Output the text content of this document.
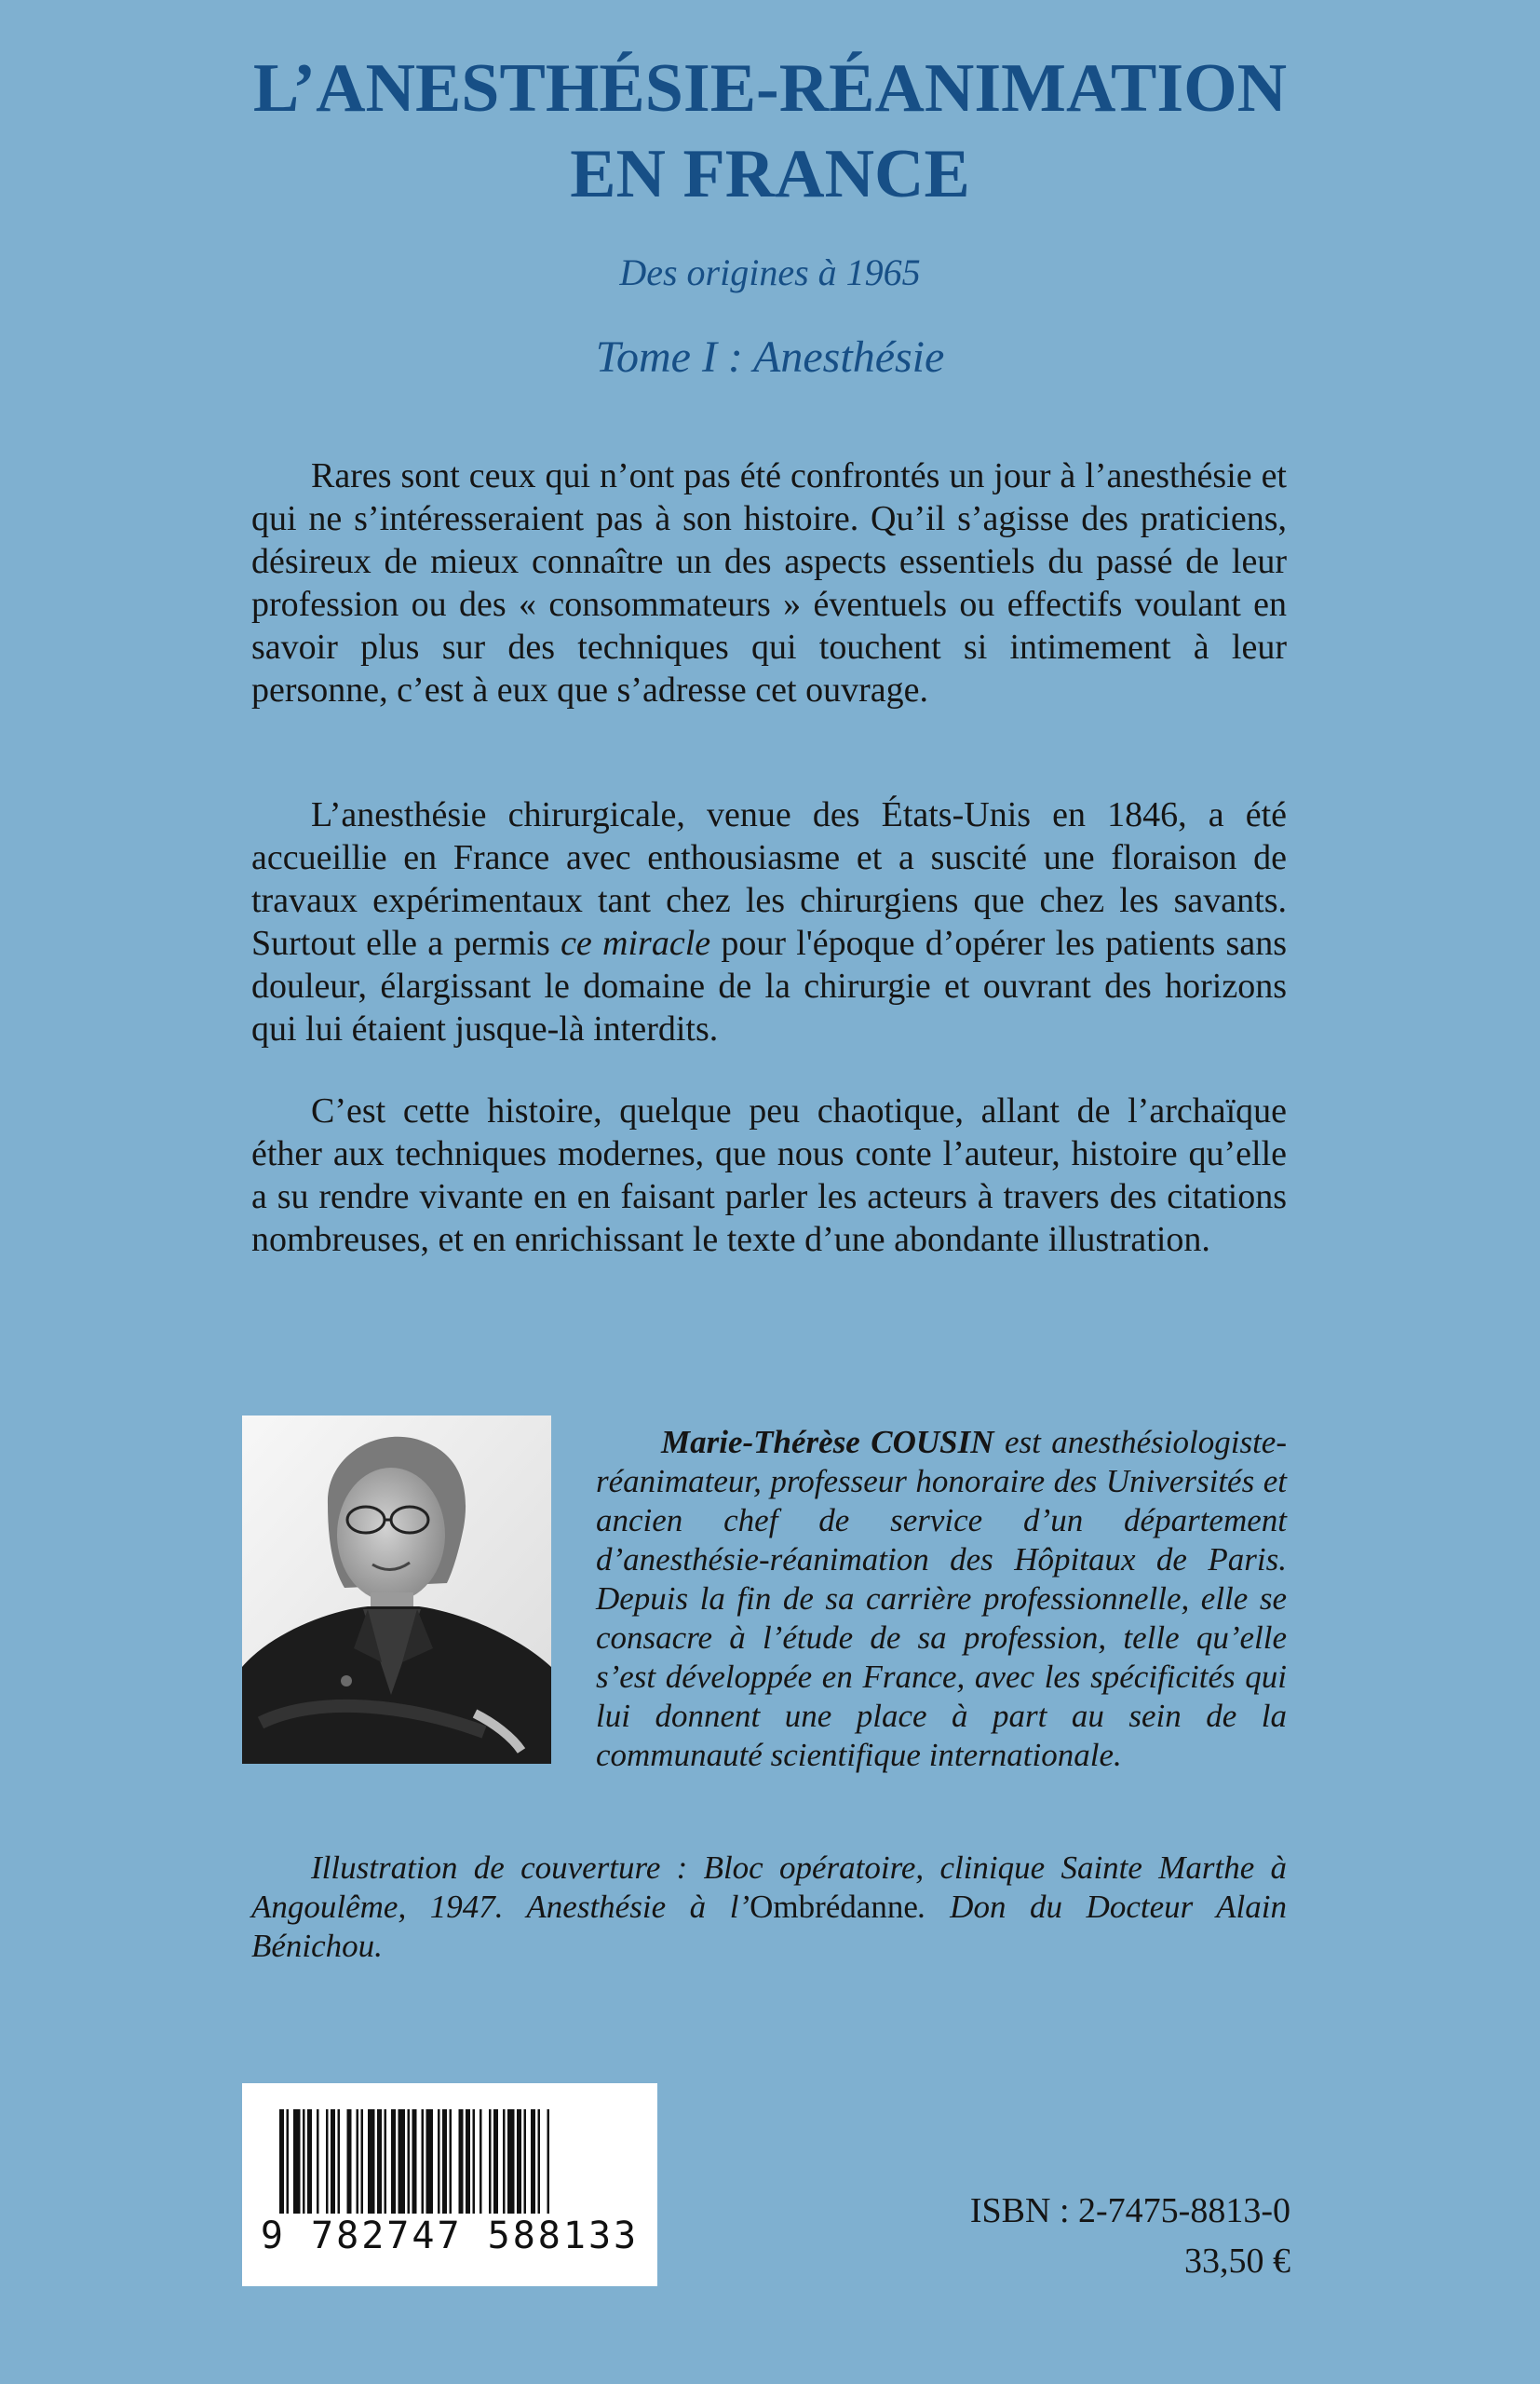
L’ANESTHÉSIE-RÉANIMATION
EN FRANCE
Des origines à 1965
Tome I : Anesthésie

Rares sont ceux qui n’ont pas été confrontés un jour à l’anesthésie et qui ne s’intéresseraient pas à son histoire. Qu’il s’agisse des praticiens, désireux de mieux connaître un des aspects essentiels du passé de leur profession ou des « consommateurs » éventuels ou effectifs voulant en savoir plus sur des techniques qui touchent si intimement à leur personne, c’est à eux que s’adresse cet ouvrage.

L’anesthésie chirurgicale, venue des États-Unis en 1846, a été accueillie en France avec enthousiasme et a suscité une floraison de travaux expérimentaux tant chez les chirurgiens que chez les savants. Surtout elle a permis ce miracle pour l'époque d’opérer les patients sans douleur, élargissant le domaine de la chirurgie et ouvrant des horizons qui lui étaient jusque-là interdits.

C’est cette histoire, quelque peu chaotique, allant de l’archaïque éther aux techniques modernes, que nous conte l’auteur, histoire qu’elle a su rendre vivante en en faisant parler les acteurs à travers des citations nombreuses, et en enrichissant le texte d’une abondante illustration.

Marie-Thérèse COUSIN est anesthésiologiste-réanimateur, professeur honoraire des Universités et ancien chef de service d’un département d’anesthésie-réanimation des Hôpitaux de Paris. Depuis la fin de sa carrière professionnelle, elle se consacre à l’étude de sa profession, telle qu’elle s’est développée en France, avec les spécificités qui lui donnent une place à part au sein de la communauté scientifique internationale.

Illustration de couverture : Bloc opératoire, clinique Sainte Marthe à Angoulême, 1947. Anesthésie à l’Ombrédanne. Don du Docteur Alain Bénichou.

9 782747 588133
ISBN : 2-7475-8813-0
33,50 €
